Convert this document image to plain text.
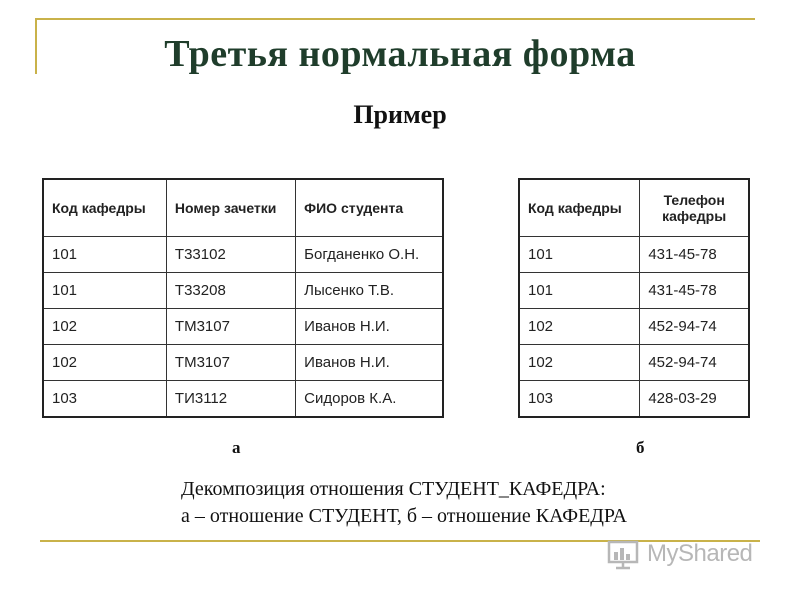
Третья нормальная форма
Пример
Код кафедры	Номер зачетки	ФИО студента
101	Т33102	Богданенко О.Н.
101	Т33208	Лысенко Т.В.
102	ТМ3107	Иванов Н.И.
102	ТМ3107	Иванов Н.И.
103	ТИ3112	Сидоров К.А.
Код кафедры	Телефон кафедры
101	431-45-78
101	431-45-78
102	452-94-74
102	452-94-74
103	428-03-29
а	б
Декомпозиция отношения СТУДЕНТ_КАФЕДРА:
а – отношение СТУДЕНТ, б – отношение КАФЕДРА
MyShared
